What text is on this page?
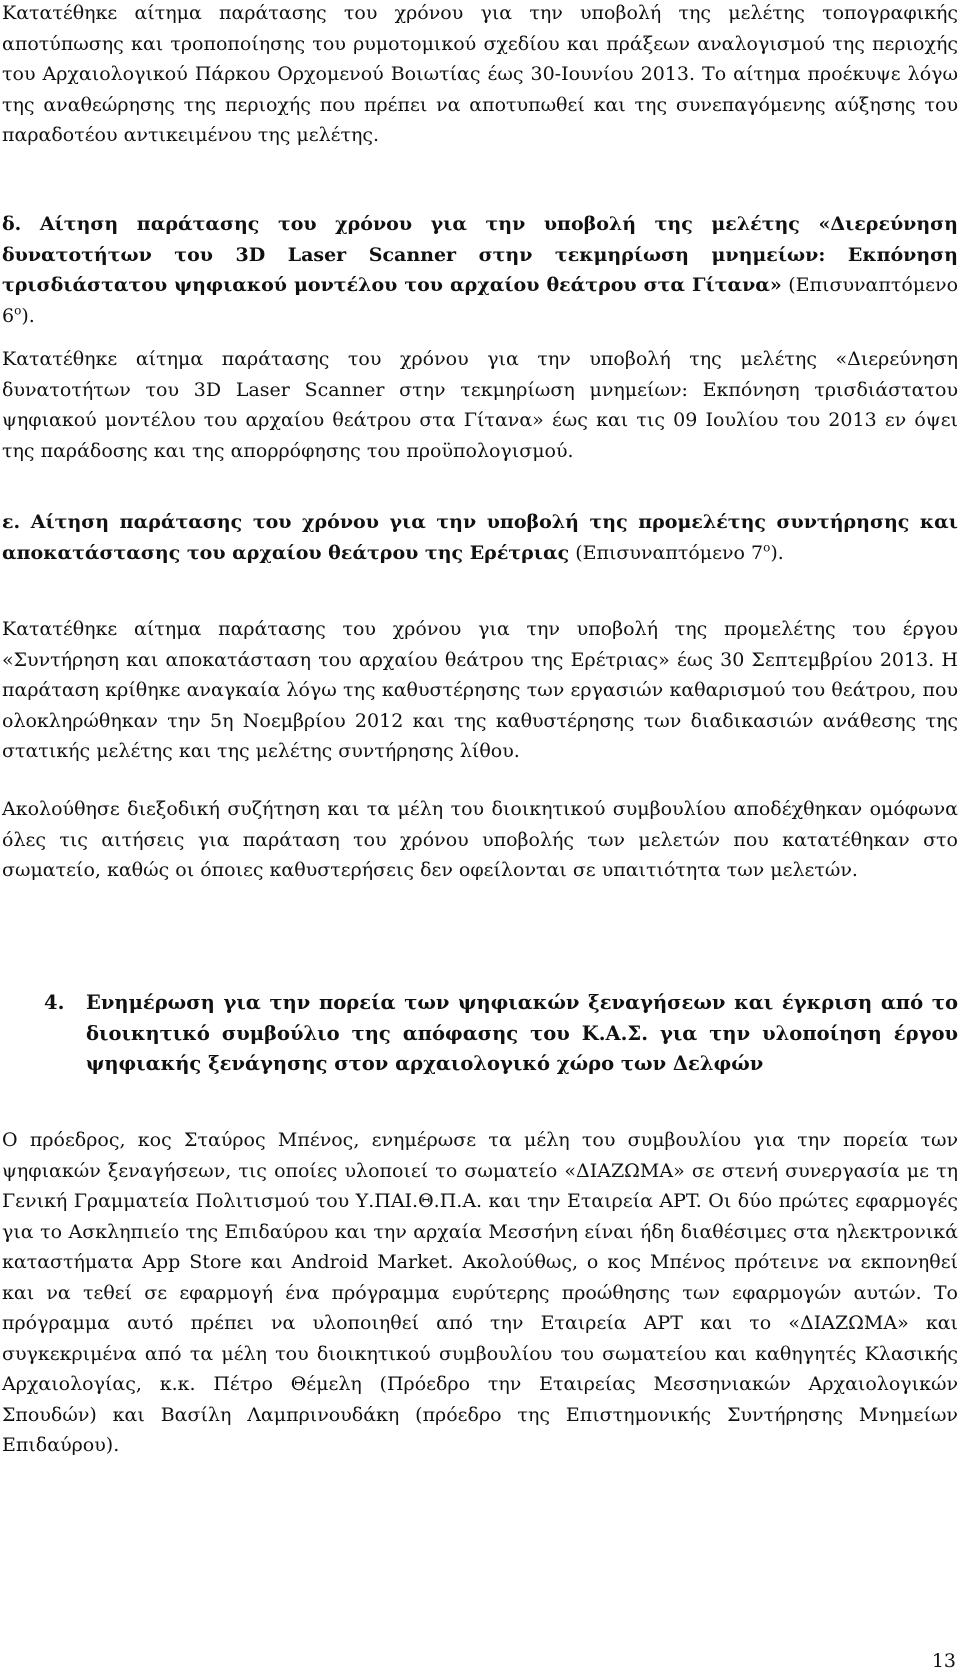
Κατατέθηκε αίτημα παράτασης του χρόνου για την υποβολή της μελέτης τοπογραφικής αποτύπωσης και τροποποίησης του ρυμοτομικού σχεδίου και πράξεων αναλογισμού της περιοχής του Αρχαιολογικού Πάρκου Ορχομενού Βοιωτίας έως 30-Ιουνίου 2013. Το αίτημα προέκυψε λόγω της αναθεώρησης της περιοχής που πρέπει να αποτυπωθεί και της συνεπαγόμενης αύξησης του παραδοτέου αντικειμένου της μελέτης.

δ. Αίτηση παράτασης του χρόνου για την υποβολή της μελέτης «Διερεύνηση δυνατοτήτων του 3D Laser Scanner στην τεκμηρίωση μνημείων: Εκπόνηση τρισδιάστατου ψηφιακού μοντέλου του αρχαίου θεάτρου στα Γίτανα» (Επισυναπτόμενο $6^o$).

Κατατέθηκε αίτημα παράτασης του χρόνου για την υποβολή της μελέτης «Διερεύνηση δυνατοτήτων του 3D Laser Scanner στην τεκμηρίωση μνημείων: Εκπόνηση τρισδιάστατου ψηφιακού μοντέλου του αρχαίου θεάτρου στα Γίτανα» έως και τις 09 Ιουλίου του 2013 εν όψει της παράδοσης και της απορρόφησης του προϋπολογισμού.

ε. Αίτηση παράτασης του χρόνου για την υποβολή της προμελέτης συντήρησης και αποκατάστασης του αρχαίου θεάτρου της Ερέτριας (Επισυναπτόμενο $7^o$).

Κατατέθηκε αίτημα παράτασης του χρόνου για την υποβολή της προμελέτης του έργου «Συντήρηση και αποκατάσταση του αρχαίου θεάτρου της Ερέτριας» έως 30 Σεπτεμβρίου 2013. Η παράταση κρίθηκε αναγκαία λόγω της καθυστέρησης των εργασιών καθαρισμού του θεάτρου, που ολοκληρώθηκαν την 5η Νοεμβρίου 2012 και της καθυστέρησης των διαδικασιών ανάθεσης της στατικής μελέτης και της μελέτης συντήρησης λίθου.

Ακολούθησε διεξοδική συζήτηση και τα μέλη του διοικητικού συμβουλίου αποδέχθηκαν ομόφωνα όλες τις αιτήσεις για παράταση του χρόνου υποβολής των μελετών που κατατέθηκαν στο σωματείο, καθώς οι όποιες καθυστερήσεις δεν οφείλονται σε υπαιτιότητα των μελετών.

4. Ενημέρωση για την πορεία των ψηφιακών ξεναγήσεων και έγκριση από το διοικητικό συμβούλιο της απόφασης του Κ.Α.Σ. για την υλοποίηση έργου ψηφιακής ξενάγησης στον αρχαιολογικό χώρο των Δελφών

Ο πρόεδρος, κος Σταύρος Μπένος, ενημέρωσε τα μέλη του συμβουλίου για την πορεία των ψηφιακών ξεναγήσεων, τις οποίες υλοποιεί το σωματείο «ΔΙΑΖΩΜΑ» σε στενή συνεργασία με τη Γενική Γραμματεία Πολιτισμού του Υ.ΠΑΙ.Θ.Π.Α. και την Εταιρεία APT. Οι δύο πρώτες εφαρμογές για το Ασκληπιείο της Επιδαύρου και την αρχαία Μεσσήνη είναι ήδη διαθέσιμες στα ηλεκτρονικά καταστήματα App Store και Android Market. Ακολούθως, ο κος Μπένος πρότεινε να εκπονηθεί και να τεθεί σε εφαρμογή ένα πρόγραμμα ευρύτερης προώθησης των εφαρμογών αυτών. Το πρόγραμμα αυτό πρέπει να υλοποιηθεί από την Εταιρεία APT και το «ΔΙΑΖΩΜΑ» και συγκεκριμένα από τα μέλη του διοικητικού συμβουλίου του σωματείου και καθηγητές Κλασικής Αρχαιολογίας, κ.κ. Πέτρο Θέμελη (Πρόεδρο την Εταιρείας Μεσσηνιακών Αρχαιολογικών Σπουδών) και Βασίλη Λαμπρινουδάκη (πρόεδρο της Επιστημονικής Συντήρησης Μνημείων Επιδαύρου).

13
